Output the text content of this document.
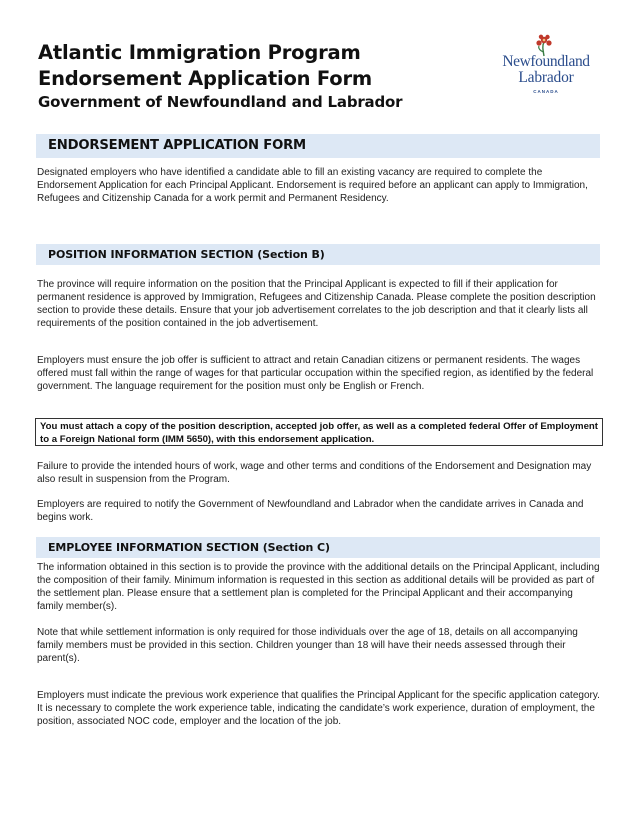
Atlantic Immigration Program
Endorsement Application Form
Government of Newfoundland and Labrador
Newfoundland
Labrador
CANADA
ENDORSEMENT APPLICATION FORM

Designated employers who have identified a candidate able to fill an existing vacancy are required to complete the Endorsement Application for each Principal Applicant. Endorsement is required before an applicant can apply to Immigration, Refugees and Citizenship Canada for a work permit and Permanent Residency.

POSITION INFORMATION SECTION (Section B)

The province will require information on the position that the Principal Applicant is expected to fill if their application for permanent residence is approved by Immigration, Refugees and Citizenship Canada. Please complete the position description section to provide these details. Ensure that your job advertisement correlates to the job description and that it clearly lists all requirements of the position contained in the job advertisement.

Employers must ensure the job offer is sufficient to attract and retain Canadian citizens or permanent residents. The wages offered must fall within the range of wages for that particular occupation within the specified region, as identified by the federal government. The language requirement for the position must only be English or French.

You must attach a copy of the position description, accepted job offer, as well as a completed federal Offer of Employment to a Foreign National form (IMM 5650), with this endorsement application.

Failure to provide the intended hours of work, wage and other terms and conditions of the Endorsement and Designation may also result in suspension from the Program.

Employers are required to notify the Government of Newfoundland and Labrador when the candidate arrives in Canada and begins work.

EMPLOYEE INFORMATION SECTION (Section C)

The information obtained in this section is to provide the province with the additional details on the Principal Applicant, including the composition of their family. Minimum information is requested in this section as additional details will be provided as part of the settlement plan. Please ensure that a settlement plan is completed for the Principal Applicant and their accompanying family member(s).

Note that while settlement information is only required for those individuals over the age of 18, details on all accompanying family members must be provided in this section. Children younger than 18 will have their needs assessed through their parent(s).

Employers must indicate the previous work experience that qualifies the Principal Applicant for the specific application category. It is necessary to complete the work experience table, indicating the candidate’s work experience, duration of employment, the position, associated NOC code, employer and the location of the job.
